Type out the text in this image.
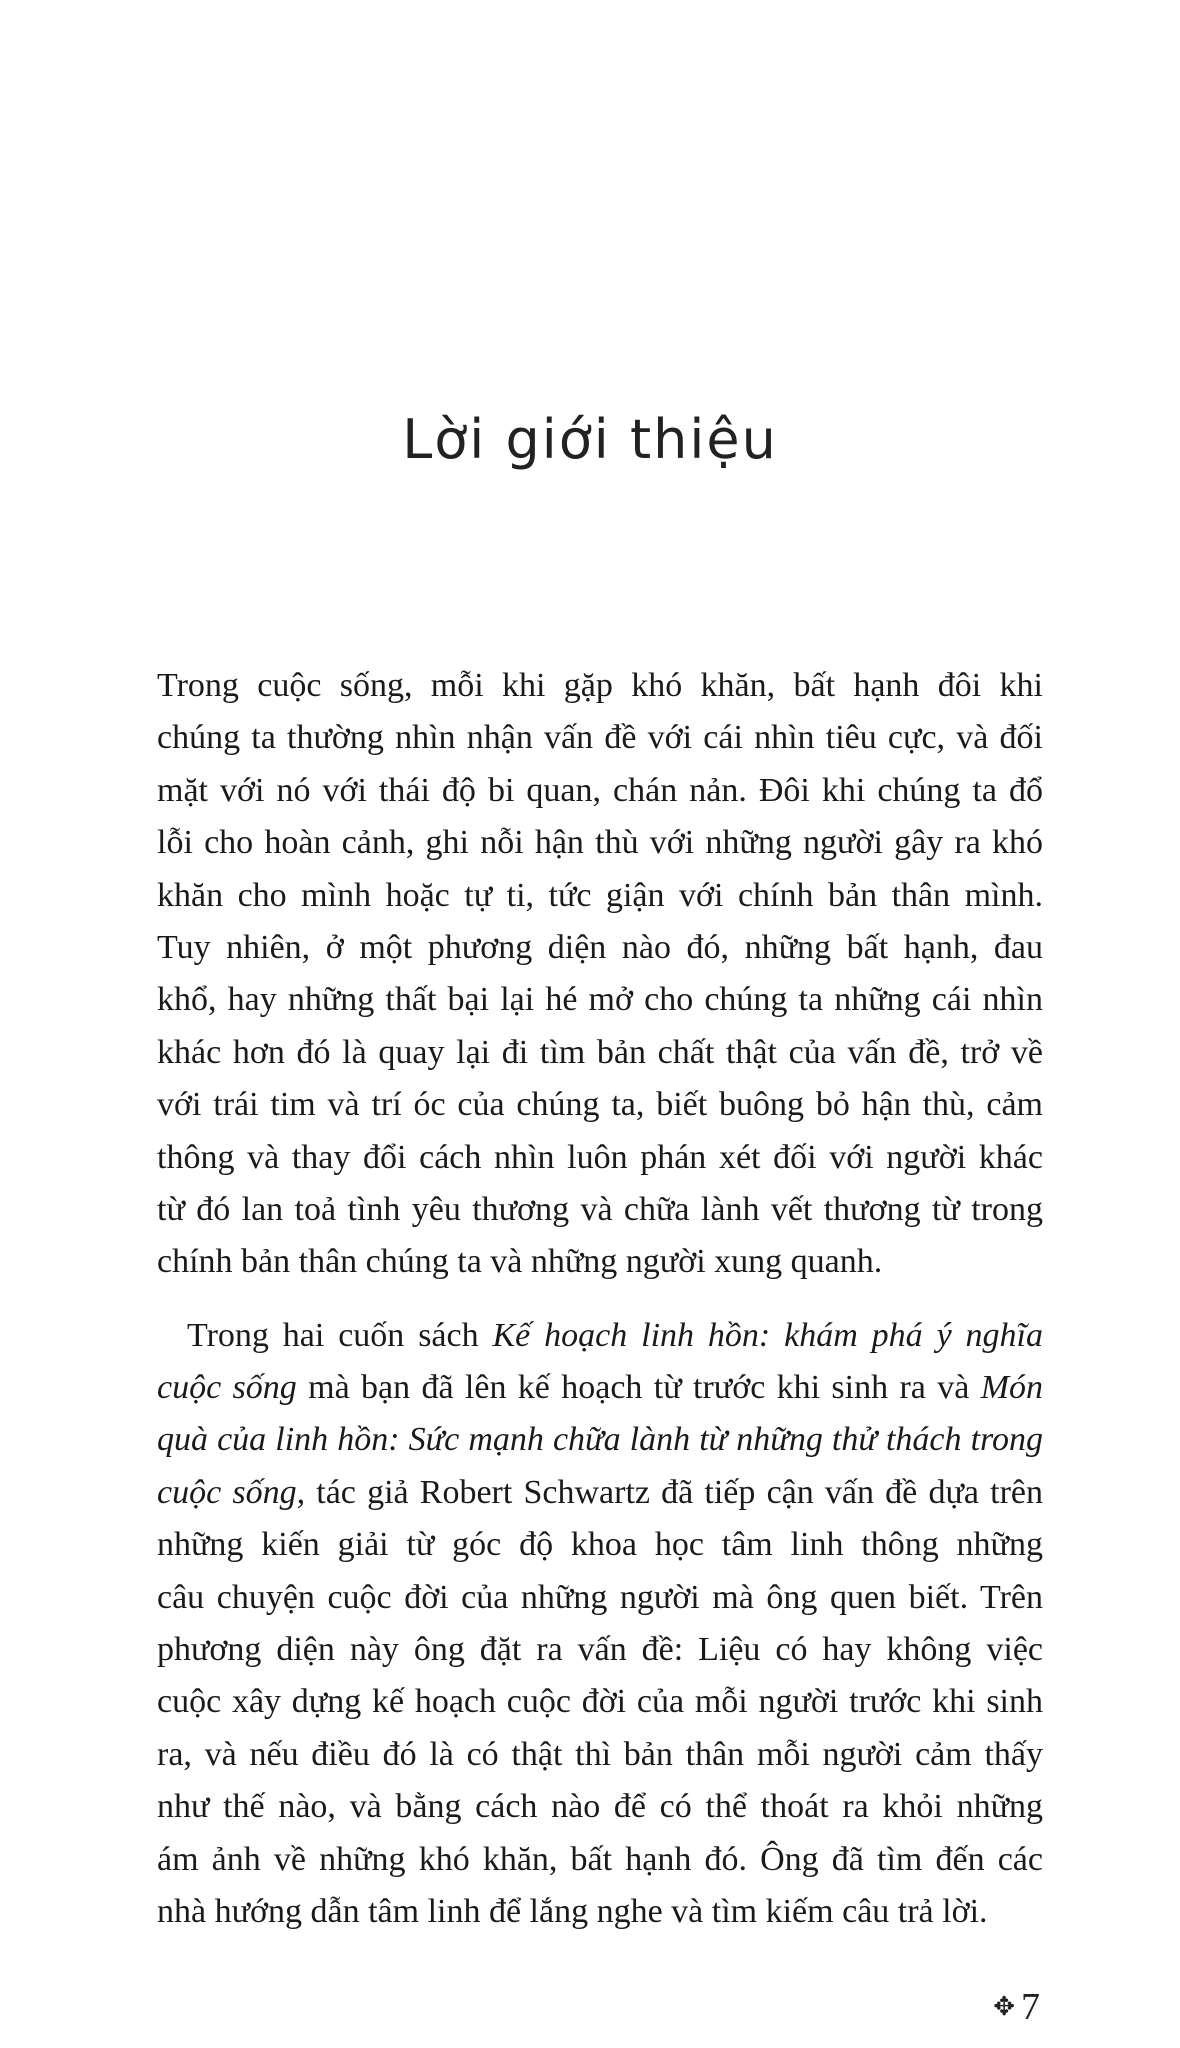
Lời giới thiệu
Trong cuộc sống, mỗi khi gặp khó khăn, bất hạnh đôi khi
chúng ta thường nhìn nhận vấn đề với cái nhìn tiêu cực, và đối
mặt với nó với thái độ bi quan, chán nản. Đôi khi chúng ta đổ
lỗi cho hoàn cảnh, ghi nỗi hận thù với những người gây ra khó
khăn cho mình hoặc tự ti, tức giận với chính bản thân mình.
Tuy nhiên, ở một phương diện nào đó, những bất hạnh, đau
khổ, hay những thất bại lại hé mở cho chúng ta những cái nhìn
khác hơn đó là quay lại đi tìm bản chất thật của vấn đề, trở về
với trái tim và trí óc của chúng ta, biết buông bỏ hận thù, cảm
thông và thay đổi cách nhìn luôn phán xét đối với người khác
từ đó lan toả tình yêu thương và chữa lành vết thương từ trong
chính bản thân chúng ta và những người xung quanh.
Trong hai cuốn sách Kế hoạch linh hồn: khám phá ý nghĩa
cuộc sống mà bạn đã lên kế hoạch từ trước khi sinh ra và Món
quà của linh hồn: Sức mạnh chữa lành từ những thử thách trong
cuộc sống, tác giả Robert Schwartz đã tiếp cận vấn đề dựa trên
những kiến giải từ góc độ khoa học tâm linh thông những
câu chuyện cuộc đời của những người mà ông quen biết. Trên
phương diện này ông đặt ra vấn đề: Liệu có hay không việc
cuộc xây dựng kế hoạch cuộc đời của mỗi người trước khi sinh
ra, và nếu điều đó là có thật thì bản thân mỗi người cảm thấy
như thế nào, và bằng cách nào để có thể thoát ra khỏi những
ám ảnh về những khó khăn, bất hạnh đó. Ông đã tìm đến các
nhà hướng dẫn tâm linh để lắng nghe và tìm kiếm câu trả lời.
✥ 7
